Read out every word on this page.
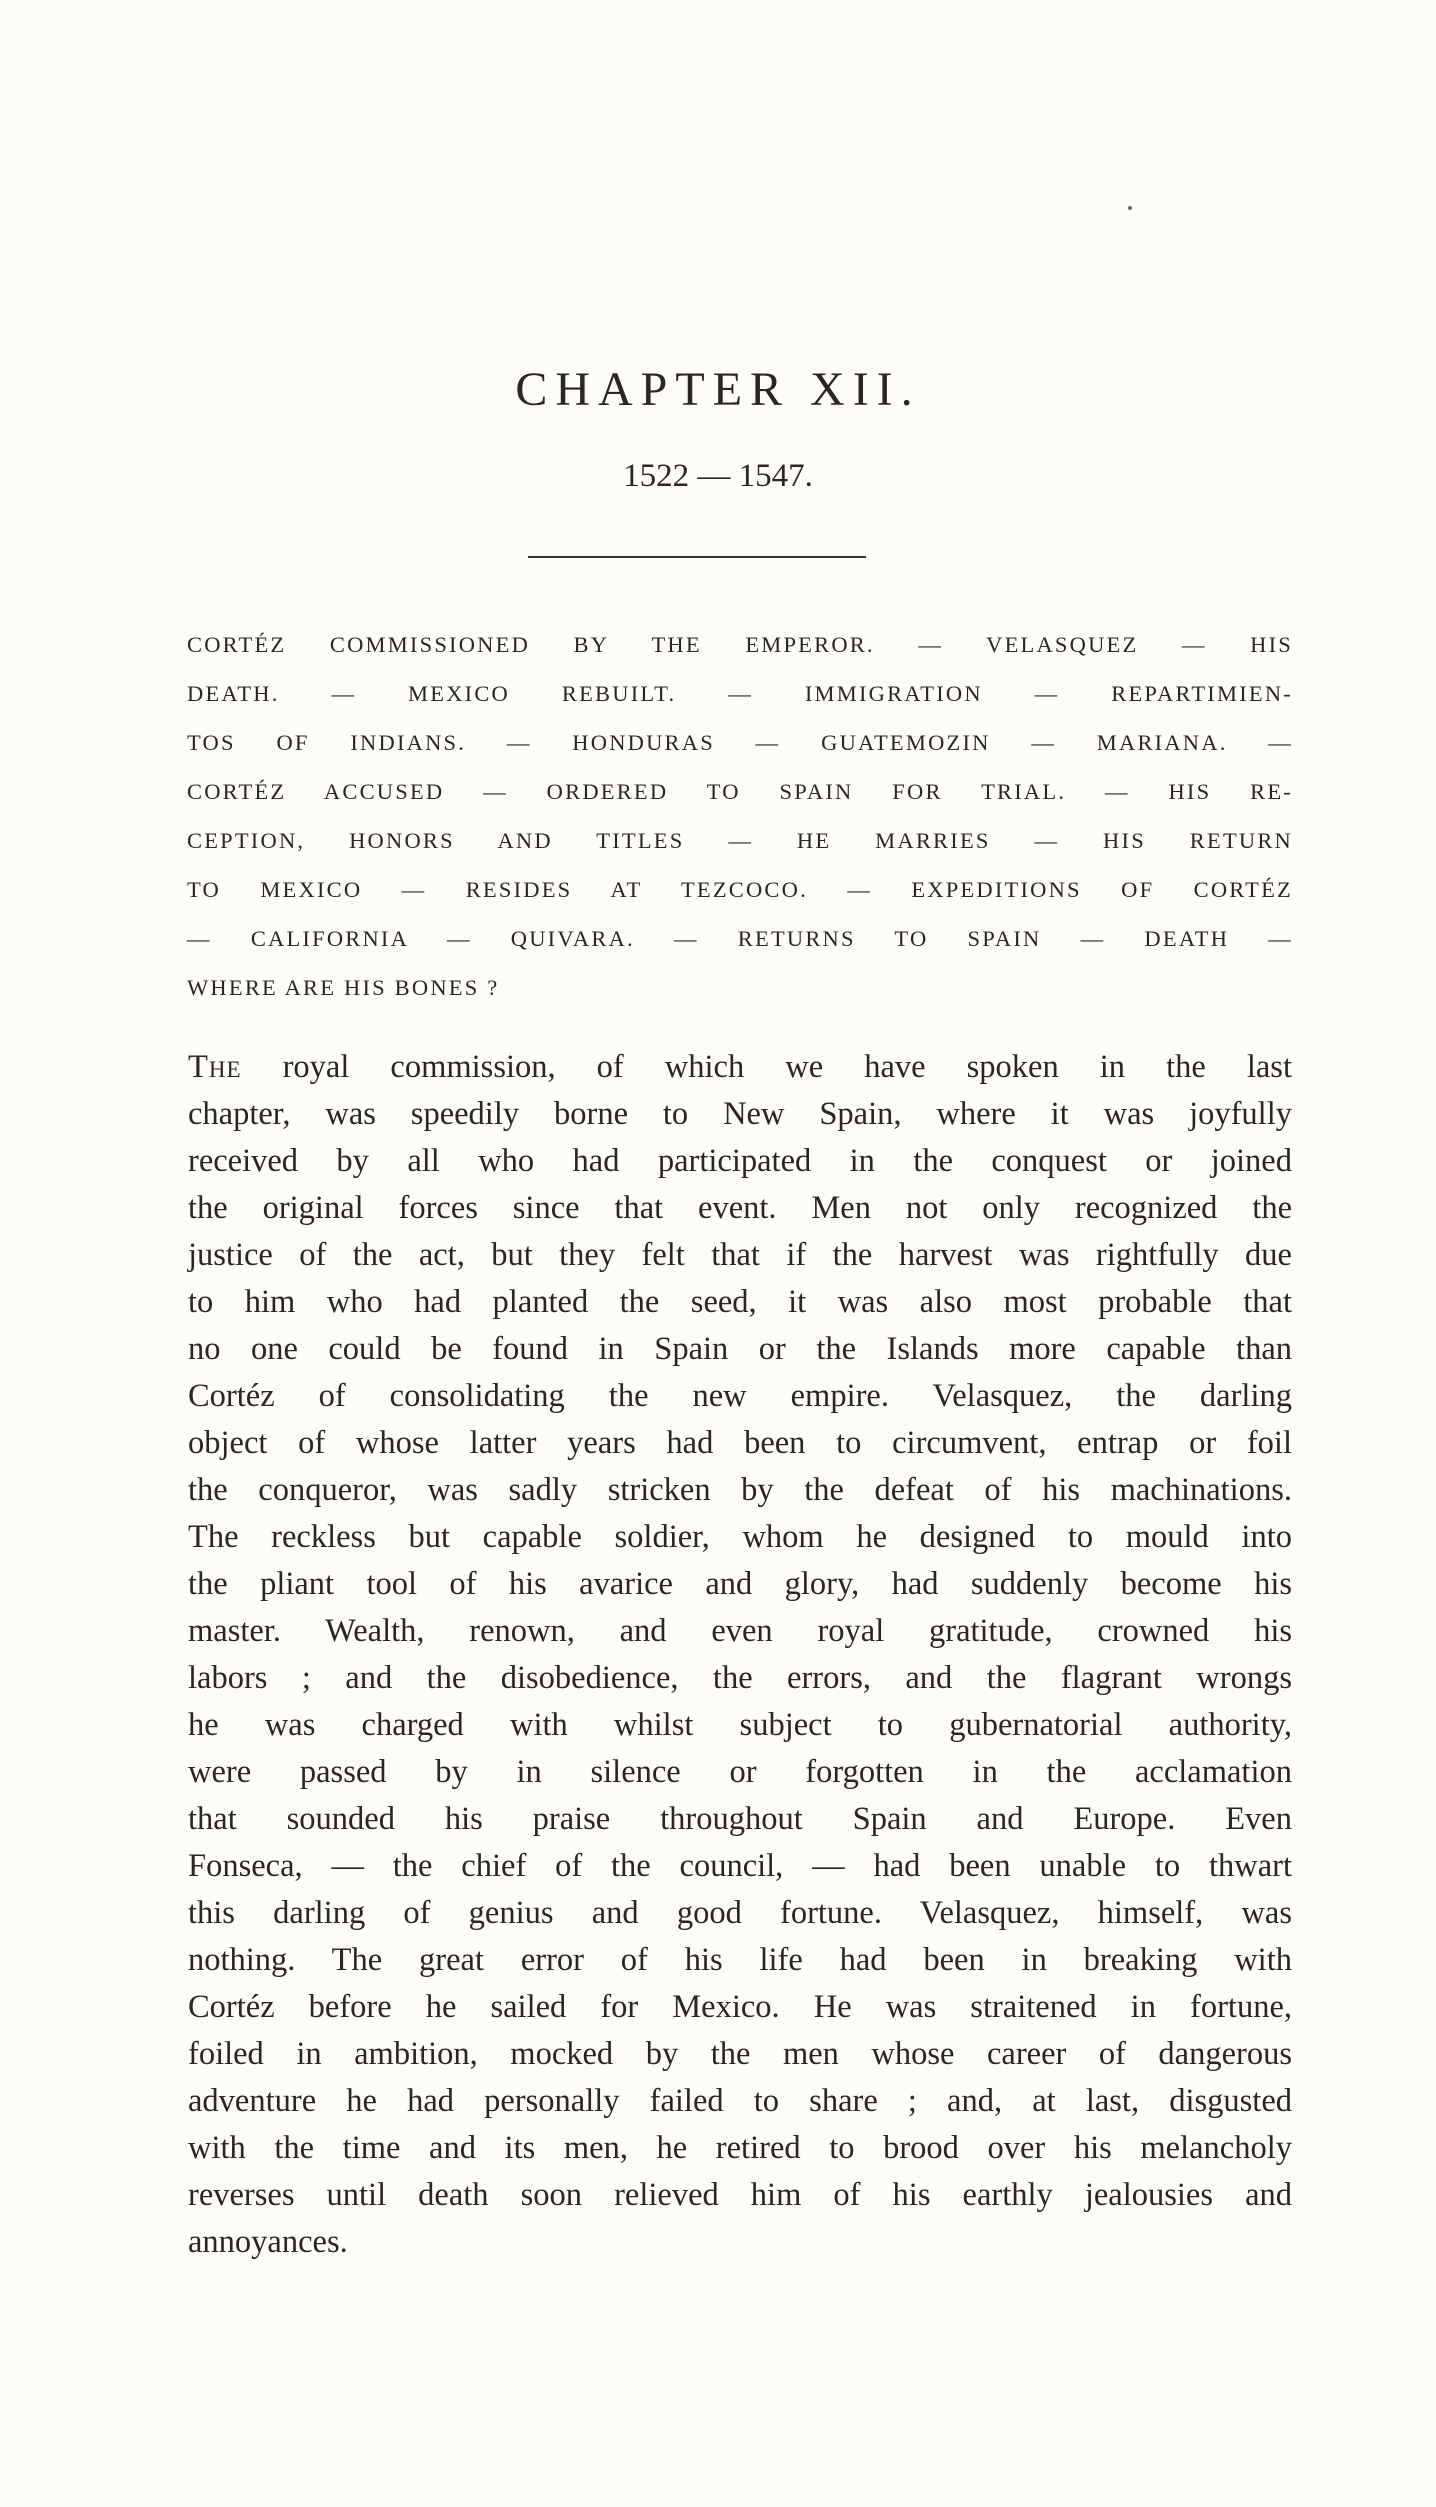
CHAPTER XII.
1522 — 1547.
CORTÉZ COMMISSIONED BY THE EMPEROR. — VELASQUEZ — HIS
DEATH. — MEXICO REBUILT. — IMMIGRATION — REPARTIMIEN-
TOS OF INDIANS. — HONDURAS — GUATEMOZIN — MARIANA. —
CORTÉZ ACCUSED — ORDERED TO SPAIN FOR TRIAL. — HIS RE-
CEPTION, HONORS AND TITLES — HE MARRIES — HIS RETURN
TO MEXICO — RESIDES AT TEZCOCO. — EXPEDITIONS OF CORTÉZ
— CALIFORNIA — QUIVARA. — RETURNS TO SPAIN — DEATH —
WHERE ARE HIS BONES ?
The royal commission, of which we have spoken in the last
chapter, was speedily borne to New Spain, where it was joyfully
received by all who had participated in the conquest or joined
the original forces since that event. Men not only recognized the
justice of the act, but they felt that if the harvest was rightfully due
to him who had planted the seed, it was also most probable that
no one could be found in Spain or the Islands more capable than
Cortéz of consolidating the new empire. Velasquez, the darling
object of whose latter years had been to circumvent, entrap or foil
the conqueror, was sadly stricken by the defeat of his machinations.
The reckless but capable soldier, whom he designed to mould into
the pliant tool of his avarice and glory, had suddenly become his
master. Wealth, renown, and even royal gratitude, crowned his
labors ; and the disobedience, the errors, and the flagrant wrongs
he was charged with whilst subject to gubernatorial authority,
were passed by in silence or forgotten in the acclamation
that sounded his praise throughout Spain and Europe. Even
Fonseca, — the chief of the council, — had been unable to thwart
this darling of genius and good fortune. Velasquez, himself, was
nothing. The great error of his life had been in breaking with
Cortéz before he sailed for Mexico. He was straitened in fortune,
foiled in ambition, mocked by the men whose career of dangerous
adventure he had personally failed to share ; and, at last, disgusted
with the time and its men, he retired to brood over his melancholy
reverses until death soon relieved him of his earthly jealousies and
annoyances.
